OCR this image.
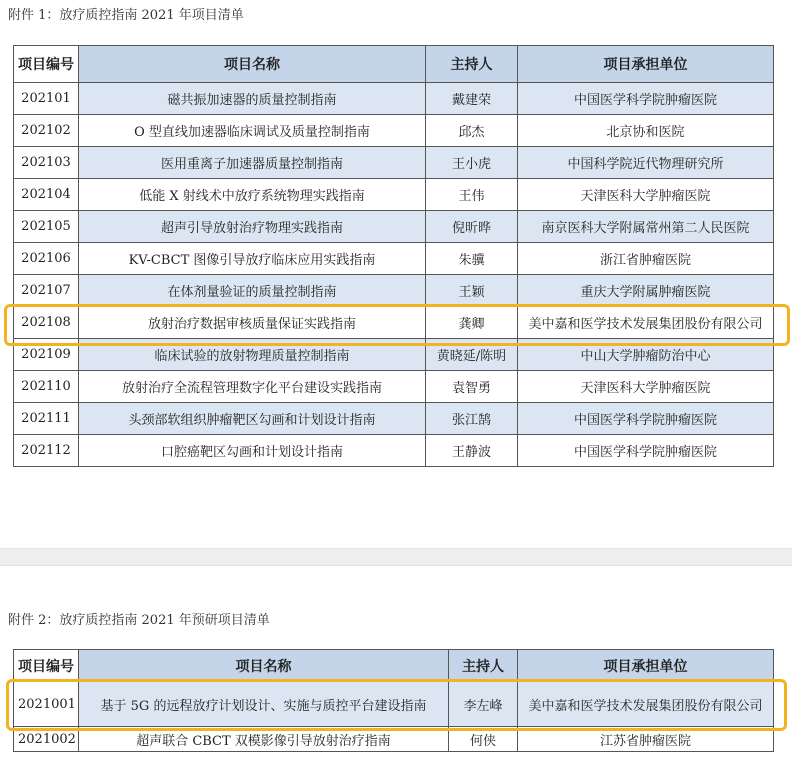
附件 1：放疗质控指南 2021 年项目清单
项目编号	项目名称	主持人	项目承担单位
202101	磁共振加速器的质量控制指南	戴建荣	中国医学科学院肿瘤医院
202102	O 型直线加速器临床调试及质量控制指南	邱杰	北京协和医院
202103	医用重离子加速器质量控制指南	王小虎	中国科学院近代物理研究所
202104	低能 X 射线术中放疗系统物理实践指南	王伟	天津医科大学肿瘤医院
202105	超声引导放射治疗物理实践指南	倪昕晔	南京医科大学附属常州第二人民医院
202106	KV-CBCT 图像引导放疗临床应用实践指南	朱骥	浙江省肿瘤医院
202107	在体剂量验证的质量控制指南	王颖	重庆大学附属肿瘤医院
202108	放射治疗数据审核质量保证实践指南	龚卿	美中嘉和医学技术发展集团股份有限公司
202109	临床试验的放射物理质量控制指南	黄晓延/陈明	中山大学肿瘤防治中心
202110	放射治疗全流程管理数字化平台建设实践指南	袁智勇	天津医科大学肿瘤医院
202111	头颈部软组织肿瘤靶区勾画和计划设计指南	张江鹄	中国医学科学院肿瘤医院
202112	口腔癌靶区勾画和计划设计指南	王静波	中国医学科学院肿瘤医院
附件 2：放疗质控指南 2021 年预研项目清单
项目编号	项目名称	主持人	项目承担单位
2021001	基于 5G 的远程放疗计划设计、实施与质控平台建设指南	李左峰	美中嘉和医学技术发展集团股份有限公司
2021002	超声联合 CBCT 双模影像引导放射治疗指南	何侠	江苏省肿瘤医院
